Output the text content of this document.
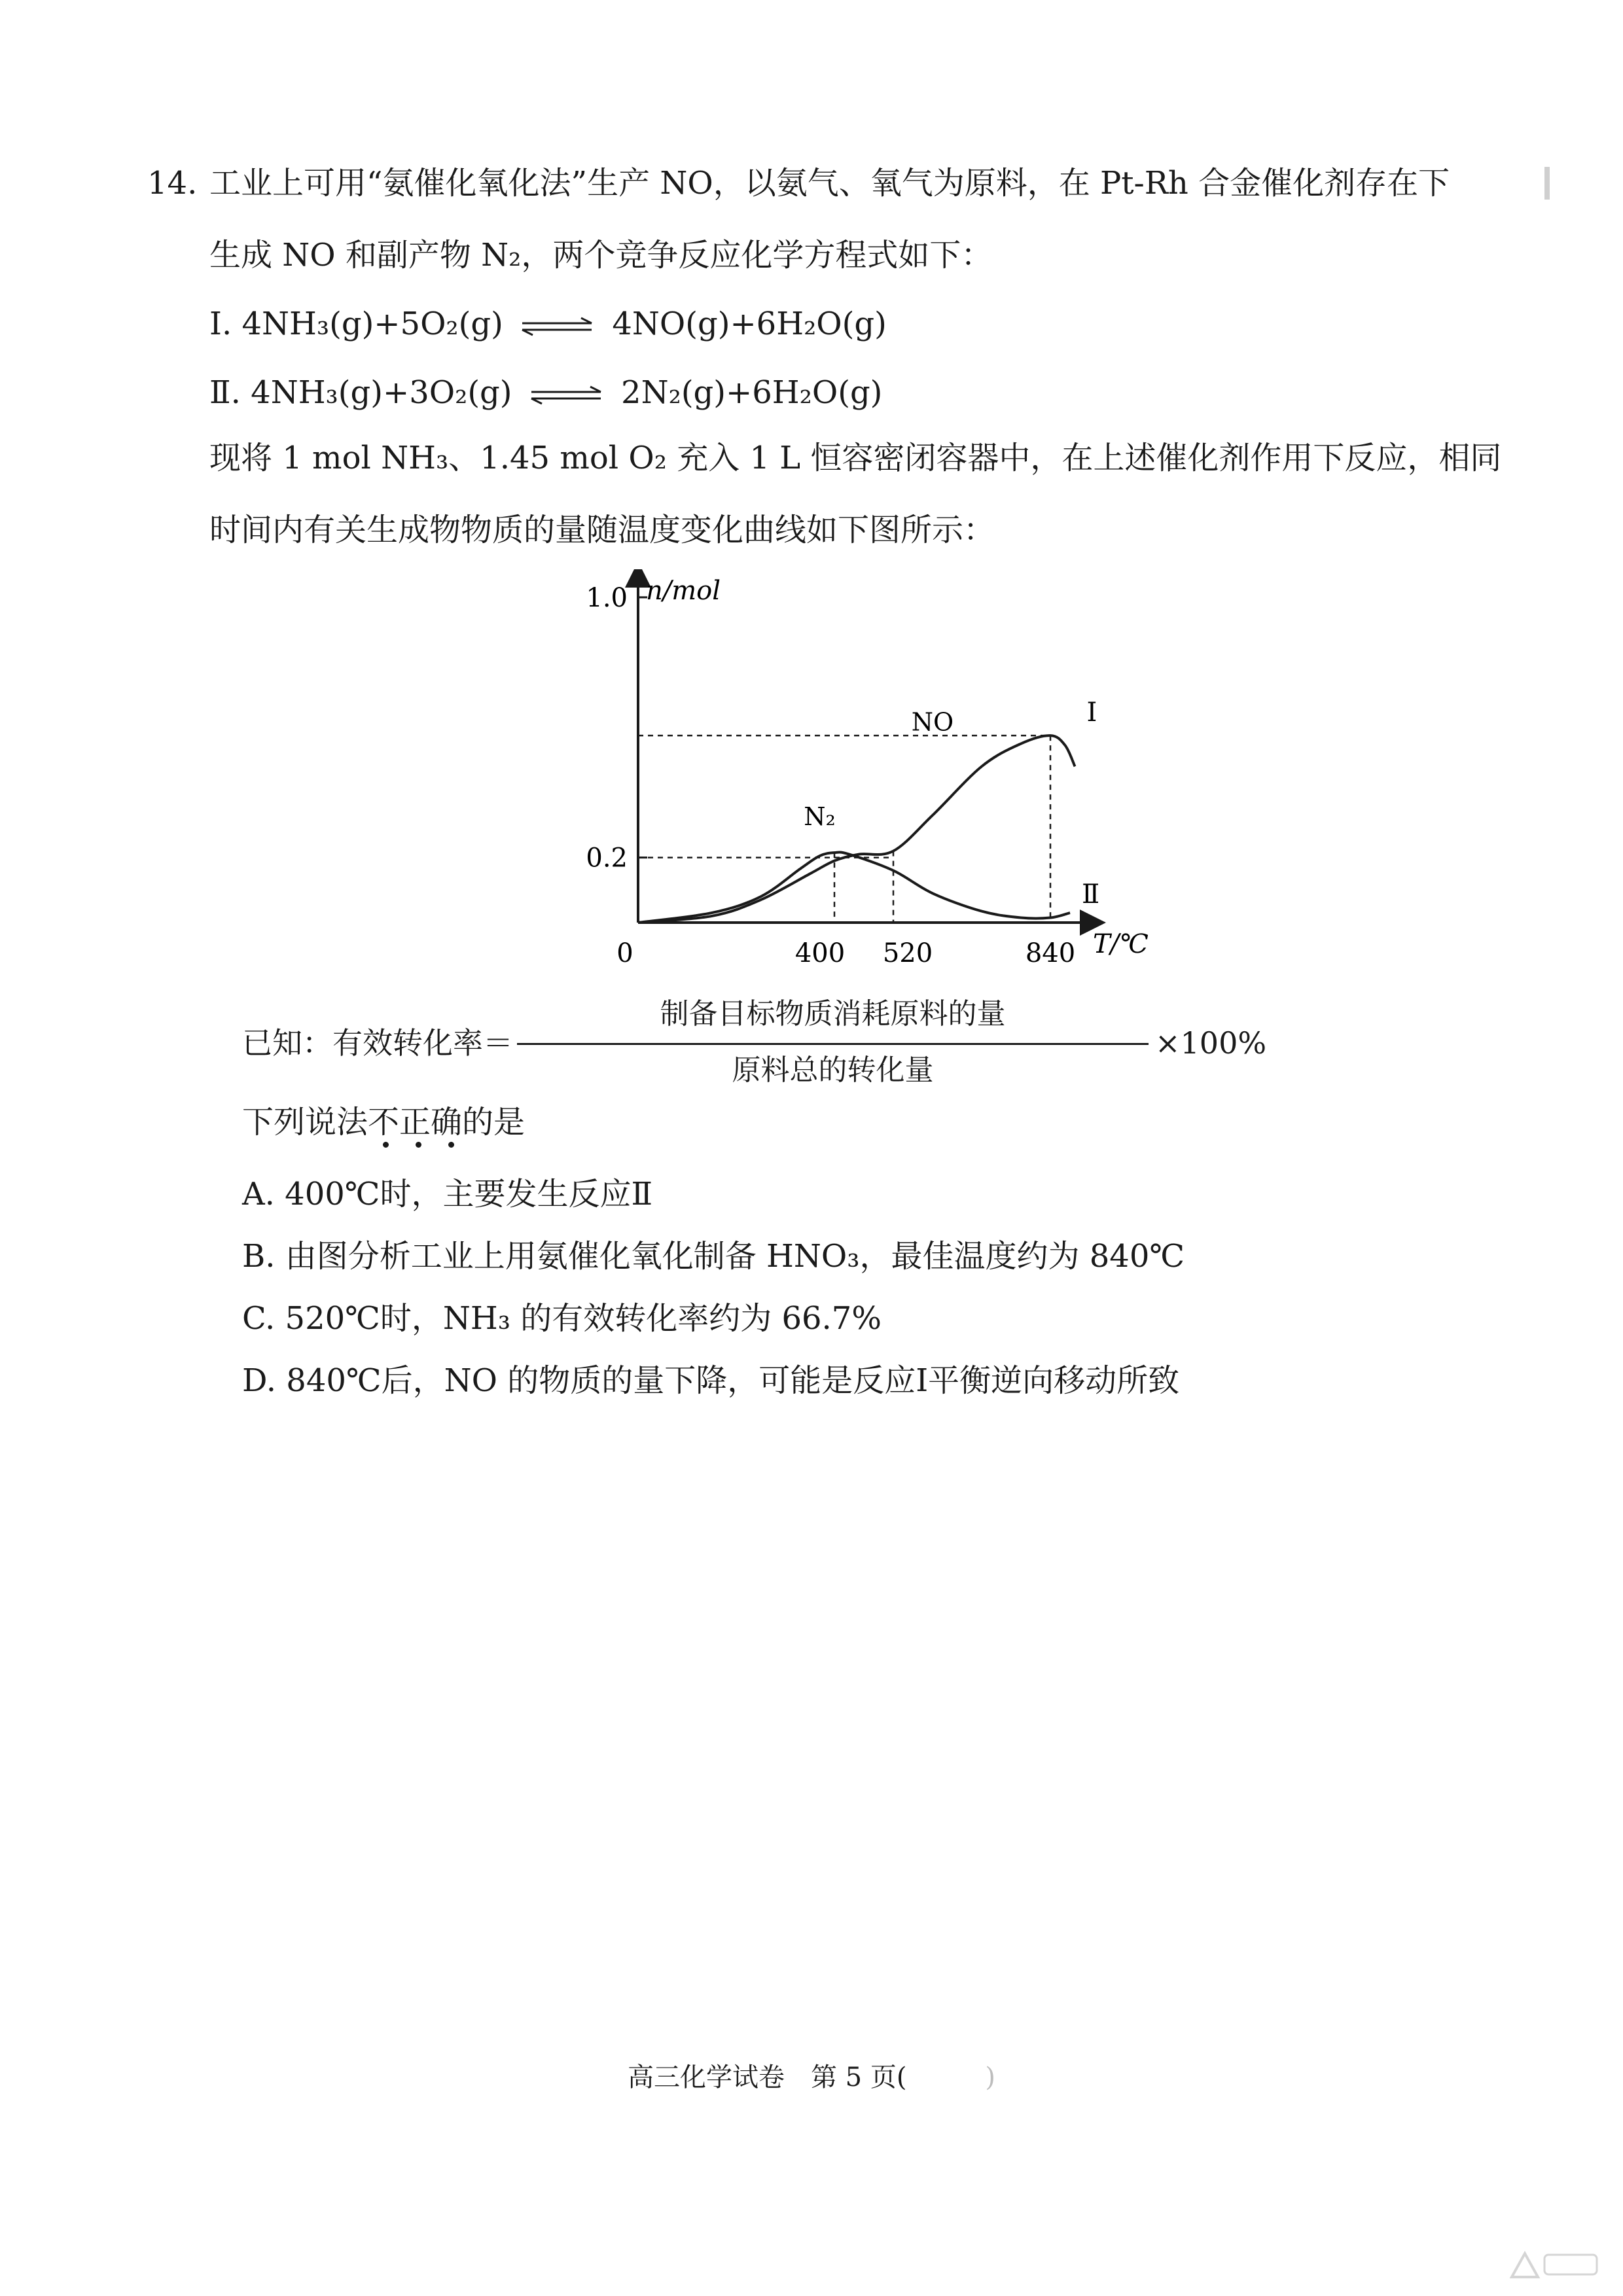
14. 工业上可用“氨催化氧化法”生产 NO，以氨气、氧气为原料，在 Pt-Rh 合金催化剂存在下
生成 NO 和副产物 N₂，两个竞争反应化学方程式如下：
Ⅰ. 4NH₃(g)+5O₂(g) ⇌ 4NO(g)+6H₂O(g)
Ⅱ. 4NH₃(g)+3O₂(g) ⇌ 2N₂(g)+6H₂O(g)
现将 1 mol NH₃、1.45 mol O₂ 充入 1 L 恒容密闭容器中，在上述催化剂作用下反应，相同
时间内有关生成物物质的量随温度变化曲线如下图所示：
n/mol
T/℃
0
1.0
0.2
400 520	840
NO	Ⅰ
N₂
Ⅱ
已知：有效转化率＝
制备目标物质消耗原料的量
原料总的转化量
×100%
下列说法不正确的是
A. 400℃时，主要发生反应Ⅱ
B. 由图分析工业上用氨催化氧化制备 HNO₃，最佳温度约为 840℃
C. 520℃时，NH₃ 的有效转化率约为 66.7%
D. 840℃后，NO 的物质的量下降，可能是反应Ⅰ平衡逆向移动所致
高三化学试卷　第 5 页(　　　)
